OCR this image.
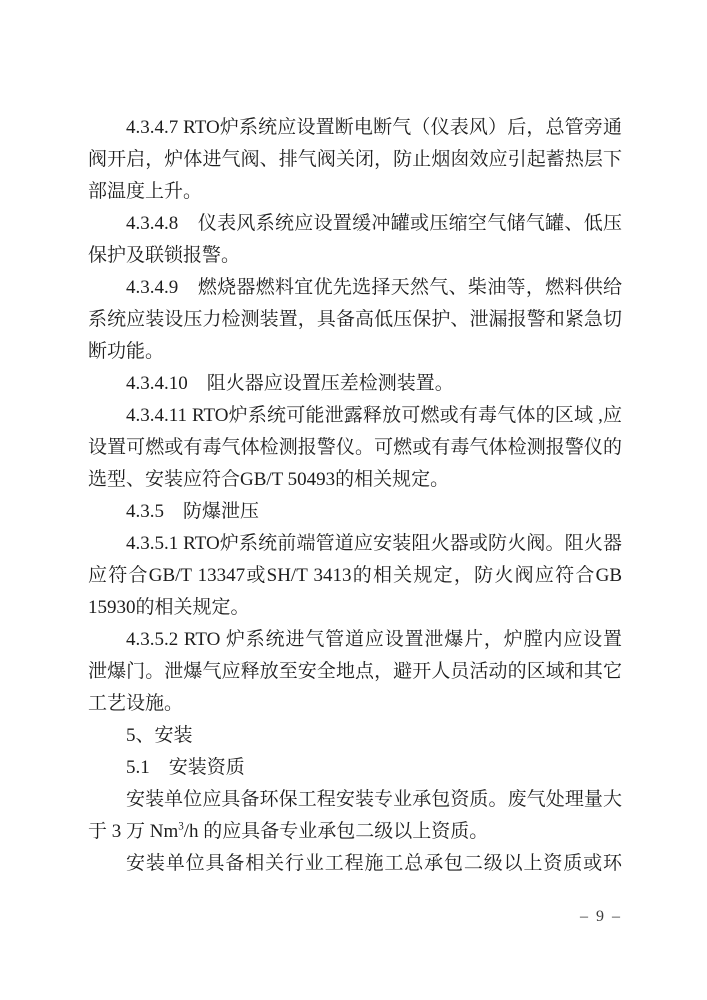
4.3.4.7 RTO炉系统应设置断电断气（仪表风）后，总管旁通阀开启，炉体进气阀、排气阀关闭，防止烟囱效应引起蓄热层下部温度上升。

4.3.4.8　仪表风系统应设置缓冲罐或压缩空气储气罐、低压保护及联锁报警。

4.3.4.9　燃烧器燃料宜优先选择天然气、柴油等，燃料供给系统应装设压力检测装置，具备高低压保护、泄漏报警和紧急切断功能。

4.3.4.10　阻火器应设置压差检测装置。

4.3.4.11 RTO炉系统可能泄露释放可燃或有毒气体的区域 ,应设置可燃或有毒气体检测报警仪。可燃或有毒气体检测报警仪的选型、安装应符合GB/T 50493的相关规定。

4.3.5　防爆泄压

4.3.5.1 RTO炉系统前端管道应安装阻火器或防火阀。阻火器应符合GB/T 13347或SH/T 3413的相关规定，防火阀应符合GB 15930的相关规定。

4.3.5.2 RTO 炉系统进气管道应设置泄爆片，炉膛内应设置泄爆门。泄爆气应释放至安全地点，避开人员活动的区域和其它工艺设施。

5、安装

5.1　安装资质

安装单位应具备环保工程安装专业承包资质。废气处理量大于 3 万 Nm$^3$/h 的应具备专业承包二级以上资质。

安装单位具备相关行业工程施工总承包二级以上资质或环

– 9 –
